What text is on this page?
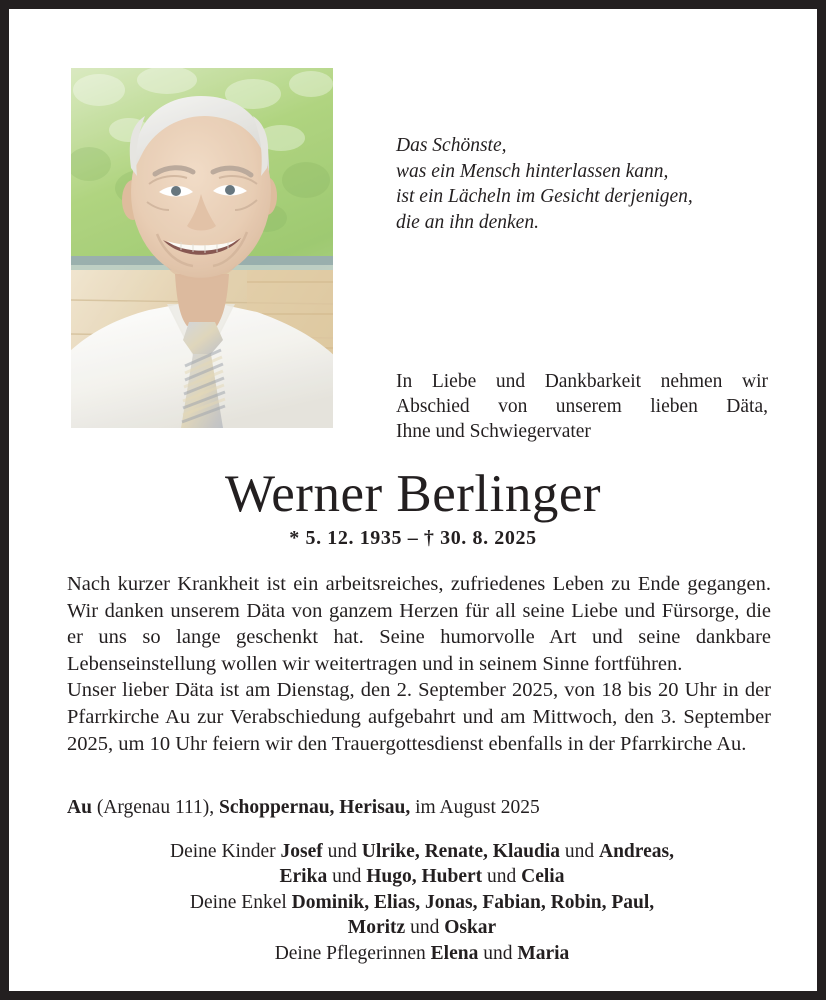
Das Schönste,
was ein Mensch hinterlassen kann,
ist ein Lächeln im Gesicht derjenigen,
die an ihn denken.
In Liebe und Dankbarkeit nehmen wir
Abschied von unserem lieben Däta,
Ihne und Schwiegervater
Werner Berlinger
* 5. 12. 1935 – † 30. 8. 2025

Nach kurzer Krankheit ist ein arbeitsreiches, zufriedenes Leben zu Ende gegangen. Wir danken unserem Däta von ganzem Herzen für all seine Liebe und Fürsorge, die er uns so lange geschenkt hat. Seine humorvolle Art und seine dankbare Lebenseinstellung wollen wir weitertragen und in seinem Sinne fortführen.

Unser lieber Däta ist am Dienstag, den 2. September 2025, von 18 bis 20 Uhr in der Pfarrkirche Au zur Verabschiedung aufgebahrt und am Mittwoch, den 3. September 2025, um 10 Uhr feiern wir den Trauergottesdienst ebenfalls in der Pfarrkirche Au.

Au (Argenau 111), Schoppernau, Herisau, im August 2025
Deine Kinder Josef und Ulrike, Renate, Klaudia und Andreas,
Erika und Hugo, Hubert und Celia
Deine Enkel Dominik, Elias, Jonas, Fabian, Robin, Paul,
Moritz und Oskar
Deine Pflegerinnen Elena und Maria
